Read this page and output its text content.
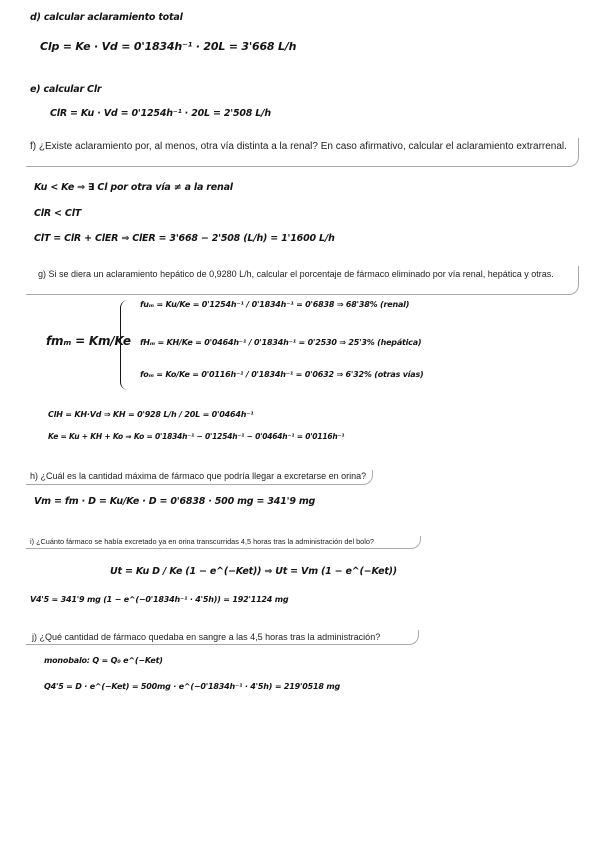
d) calcular aclaramiento total
Clp = Ke · Vd = 0'1834h⁻¹ · 20L = 3'668 L/h
e) calcular Clr
ClR = Ku · Vd = 0'1254h⁻¹ · 20L = 2'508 L/h
f) ¿Existe aclaramiento por, al menos, otra vía distinta a la renal? En caso afirmativo, calcular el aclaramiento extrarrenal.
Ku < Ke ⇒ ∃ Cl por otra vía ≠ a la renal
ClR < ClT
ClT = ClR + ClER ⇒ ClER = 3'668 − 2'508 (L/h) = 1'1600 L/h
g) Si se diera un aclaramiento hepático de 0,9280 L/h, calcular el porcentaje de fármaco eliminado por vía renal, hepática y otras.
fmₘ = Km/Ke
fuₘ = Ku/Ke = 0'1254h⁻¹ / 0'1834h⁻¹ = 0'6838 ⇒ 68'38% (renal)
fHₘ = KH/Ke = 0'0464h⁻¹ / 0'1834h⁻¹ = 0'2530 ⇒ 25'3% (hepática)
foₘ = Ko/Ke = 0'0116h⁻¹ / 0'1834h⁻¹ = 0'0632 ⇒ 6'32% (otras vías)
ClH = KH·Vd ⇒ KH = 0'928 L/h / 20L = 0'0464h⁻¹
Ke = Ku + KH + Ko ⇒ Ko = 0'1834h⁻¹ − 0'1254h⁻¹ − 0'0464h⁻¹ = 0'0116h⁻¹
h) ¿Cuál es la cantidad máxima de fármaco que podría llegar a excretarse en orina?
Vm = fm · D = Ku/Ke · D = 0'6838 · 500 mg = 341'9 mg
i) ¿Cuánto fármaco se había excretado ya en orina transcurridas 4,5 horas tras la administración del bolo?
Ut = Ku D / Ke (1 − e^(−Ket)) ⇒ Ut = Vm (1 − e^(−Ket))
V4'5 = 341'9 mg (1 − e^(−0'1834h⁻¹ · 4'5h)) = 192'1124 mg
j) ¿Qué cantidad de fármaco quedaba en sangre a las 4,5 horas tras la administración?
monobalo: Q = Q₀ e^(−Ket)
Q4'5 = D · e^(−Ket) = 500mg · e^(−0'1834h⁻¹ · 4'5h) = 219'0518 mg
